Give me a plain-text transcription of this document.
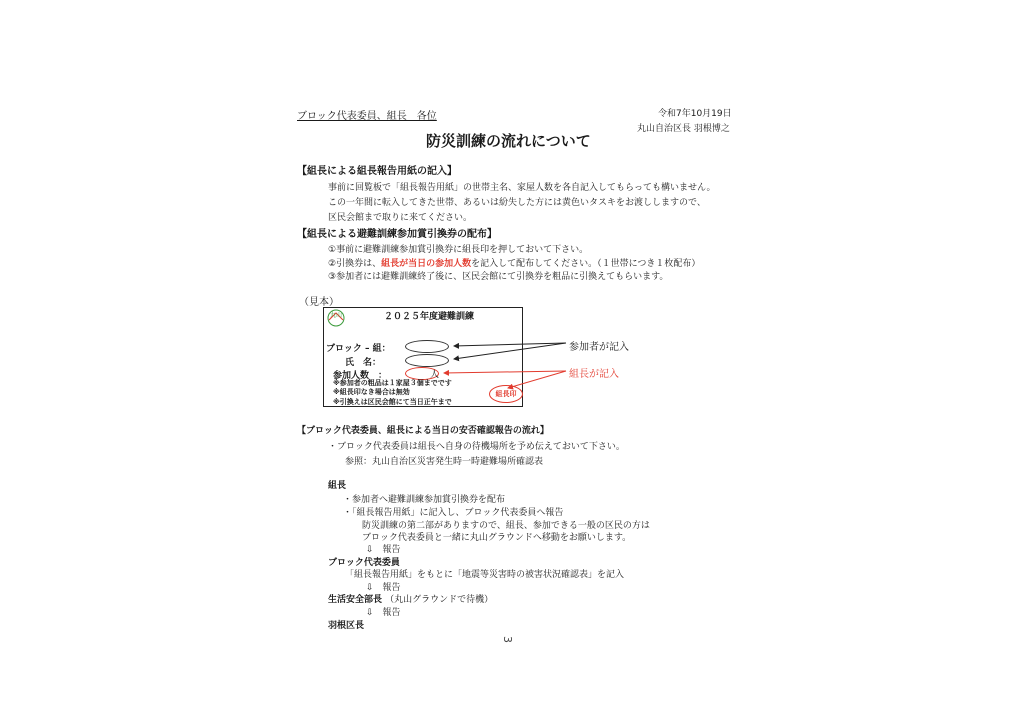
ブロック代表委員、組長　各位	令和7年10月19日
丸山自治区長 羽根博之
防災訓練の流れについて
【組長による組長報告用紙の記入】
事前に回覧板で「組長報告用紙」の世帯主名、家屋人数を各自記入してもらっても構いません。
この一年間に転入してきた世帯、あるいは紛失した方には黄色いタスキをお渡ししますので、
区民会館まで取りに来てください。
【組長による避難訓練参加賞引換券の配布】
①事前に避難訓練参加賞引換券に組長印を押しておいて下さい。
②引換券は、組長が当日の参加人数を記入して配布してください。（１世帯につき１枚配布）
③参加者には避難訓練終了後に、区民会館にて引換券を粗品に引換えてもらいます。
（見本）
丸山	２０２５年度避難訓練
ブロック – 組：
氏　名：
参加人数　：	人
※参加者の粗品は１家屋３個までです
※組長印なき場合は無効
※引換えは区民会館にて当日正午まで
組長印
参加者が記入
組長が記入
【ブロック代表委員、組長による当日の安否確認報告の流れ】
・ブロック代表委員は組長へ自身の待機場所を予め伝えておいて下さい。
参照：丸山自治区災害発生時一時避難場所確認表
組長
・参加者へ避難訓練参加賞引換券を配布
・「組長報告用紙」に記入し、ブロック代表委員へ報告
防災訓練の第二部がありますので、組長、参加できる一般の区民の方は
ブロック代表委員と一緒に丸山グラウンドへ移動をお願いします。
⇩　報告
ブロック代表委員
「組長報告用紙」をもとに「地震等災害時の被害状況確認表」を記入
⇩　報告
生活安全部長 （丸山グラウンドで待機）
⇩　報告
羽根区長
3
